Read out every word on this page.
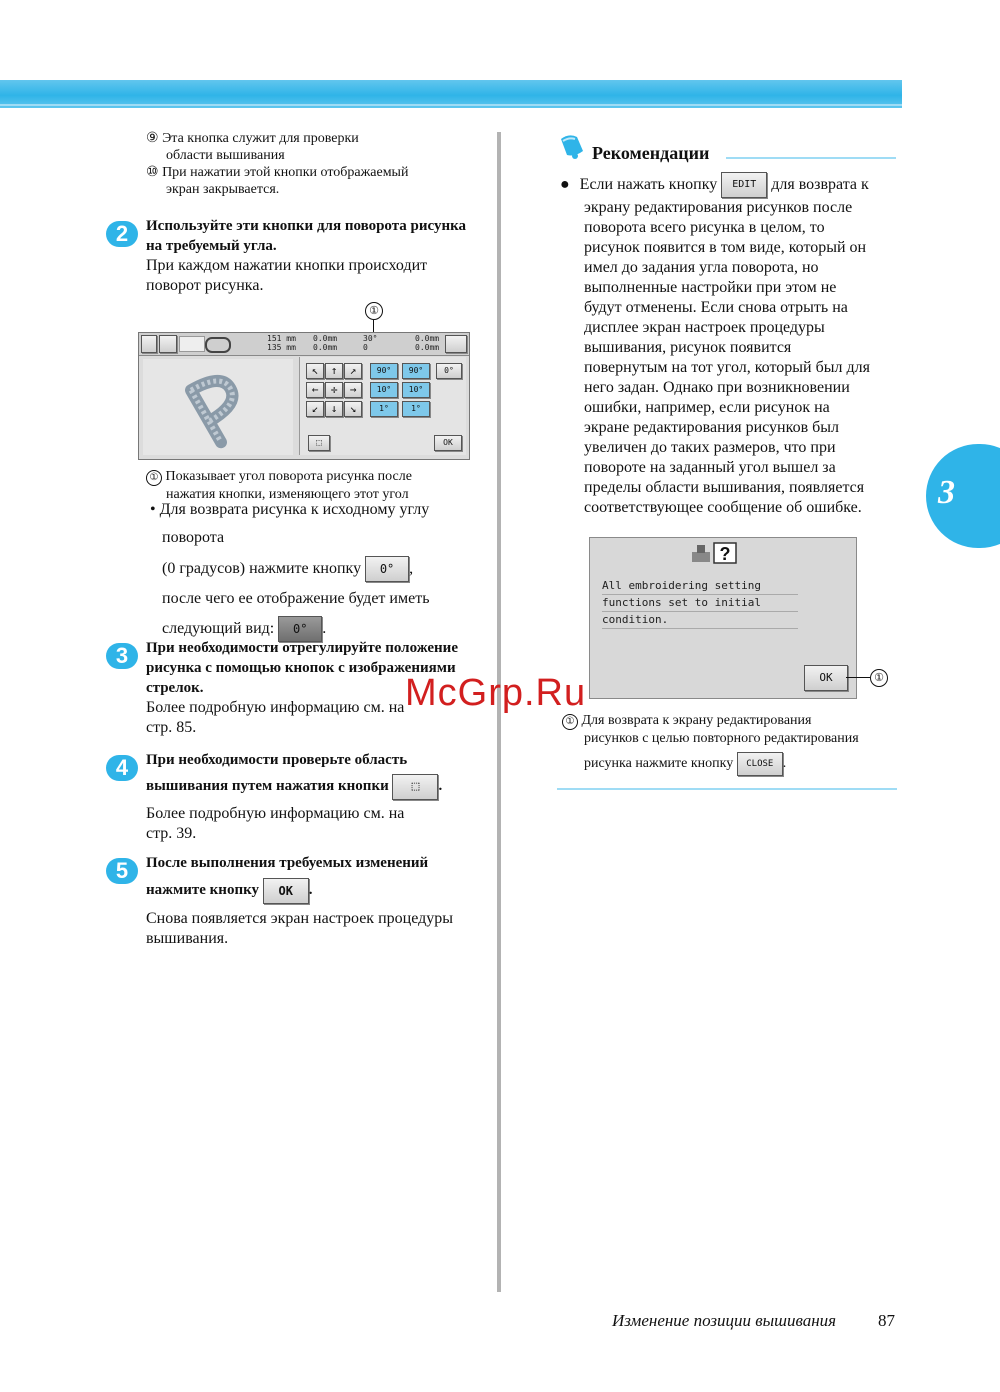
⑨ Эта кнопка служит для проверки
области вышивания
⑩ При нажатии этой кнопки отображаемый
экран закрывается.
2	Используйте эти кнопки для поворота рисунка
на требуемый угла.
При каждом нажатии кнопки происходит
поворот рисунка.
①
151 mm
135 mm
0.0mm
0.0mm
30°
0
0.0mm
0.0mm
↖	↑	↗
←	✛	→
↙	↓	↘
90°	90°
10°	10°
1°	1°
0°
⬚	OK
① Показывает угол поворота рисунка после
нажатия кнопки, изменяющего этот угол
• Для возврата рисунка к исходному углу
поворота
(0 градусов) нажмите кнопку 0° ,
после чего ее отображение будет иметь
следующий вид: 0° .
3	При необходимости отрегулируйте положение
рисунка с помощью кнопок с изображениями
стрелок.
Более подробную информацию см. на
стр. 85.
4	При необходимости проверьте область
вышивания путем нажатия кнопки ⬚ .
Более подробную информацию см. на
стр. 39.
5	После выполнения требуемых изменений
нажмите кнопку OK .
Снова появляется экран настроек процедуры
вышивания.
Рекомендации
● Если нажать кнопку EDIT для возврата к
экрану редактирования рисунков после
поворота всего рисунка в целом, то
рисунок появится в том виде, который он
имел до задания угла поворота, но
выполненные настройки при этом не
будут отменены. Если снова отрыть на
дисплее экран настроек процедуры
вышивания, рисунок появится
повернутым на тот угол, который был для
него задан. Однако при возникновении
ошибки, например, если рисунок на
экране редактирования рисунков был
увеличен до таких размеров, что при
повороте на заданный угол вышел за
пределы области вышивания, появляется
соответствующее сообщение об ошибке.
?
All embroidering setting
functions set to initial
condition.
OK	①
① Для возврата к экрану редактирования
рисунков с целью повторного редактирования
рисунка нажмите кнопку CLOSE .
3
McGrp.Ru
Изменение позиции вышивания 87
